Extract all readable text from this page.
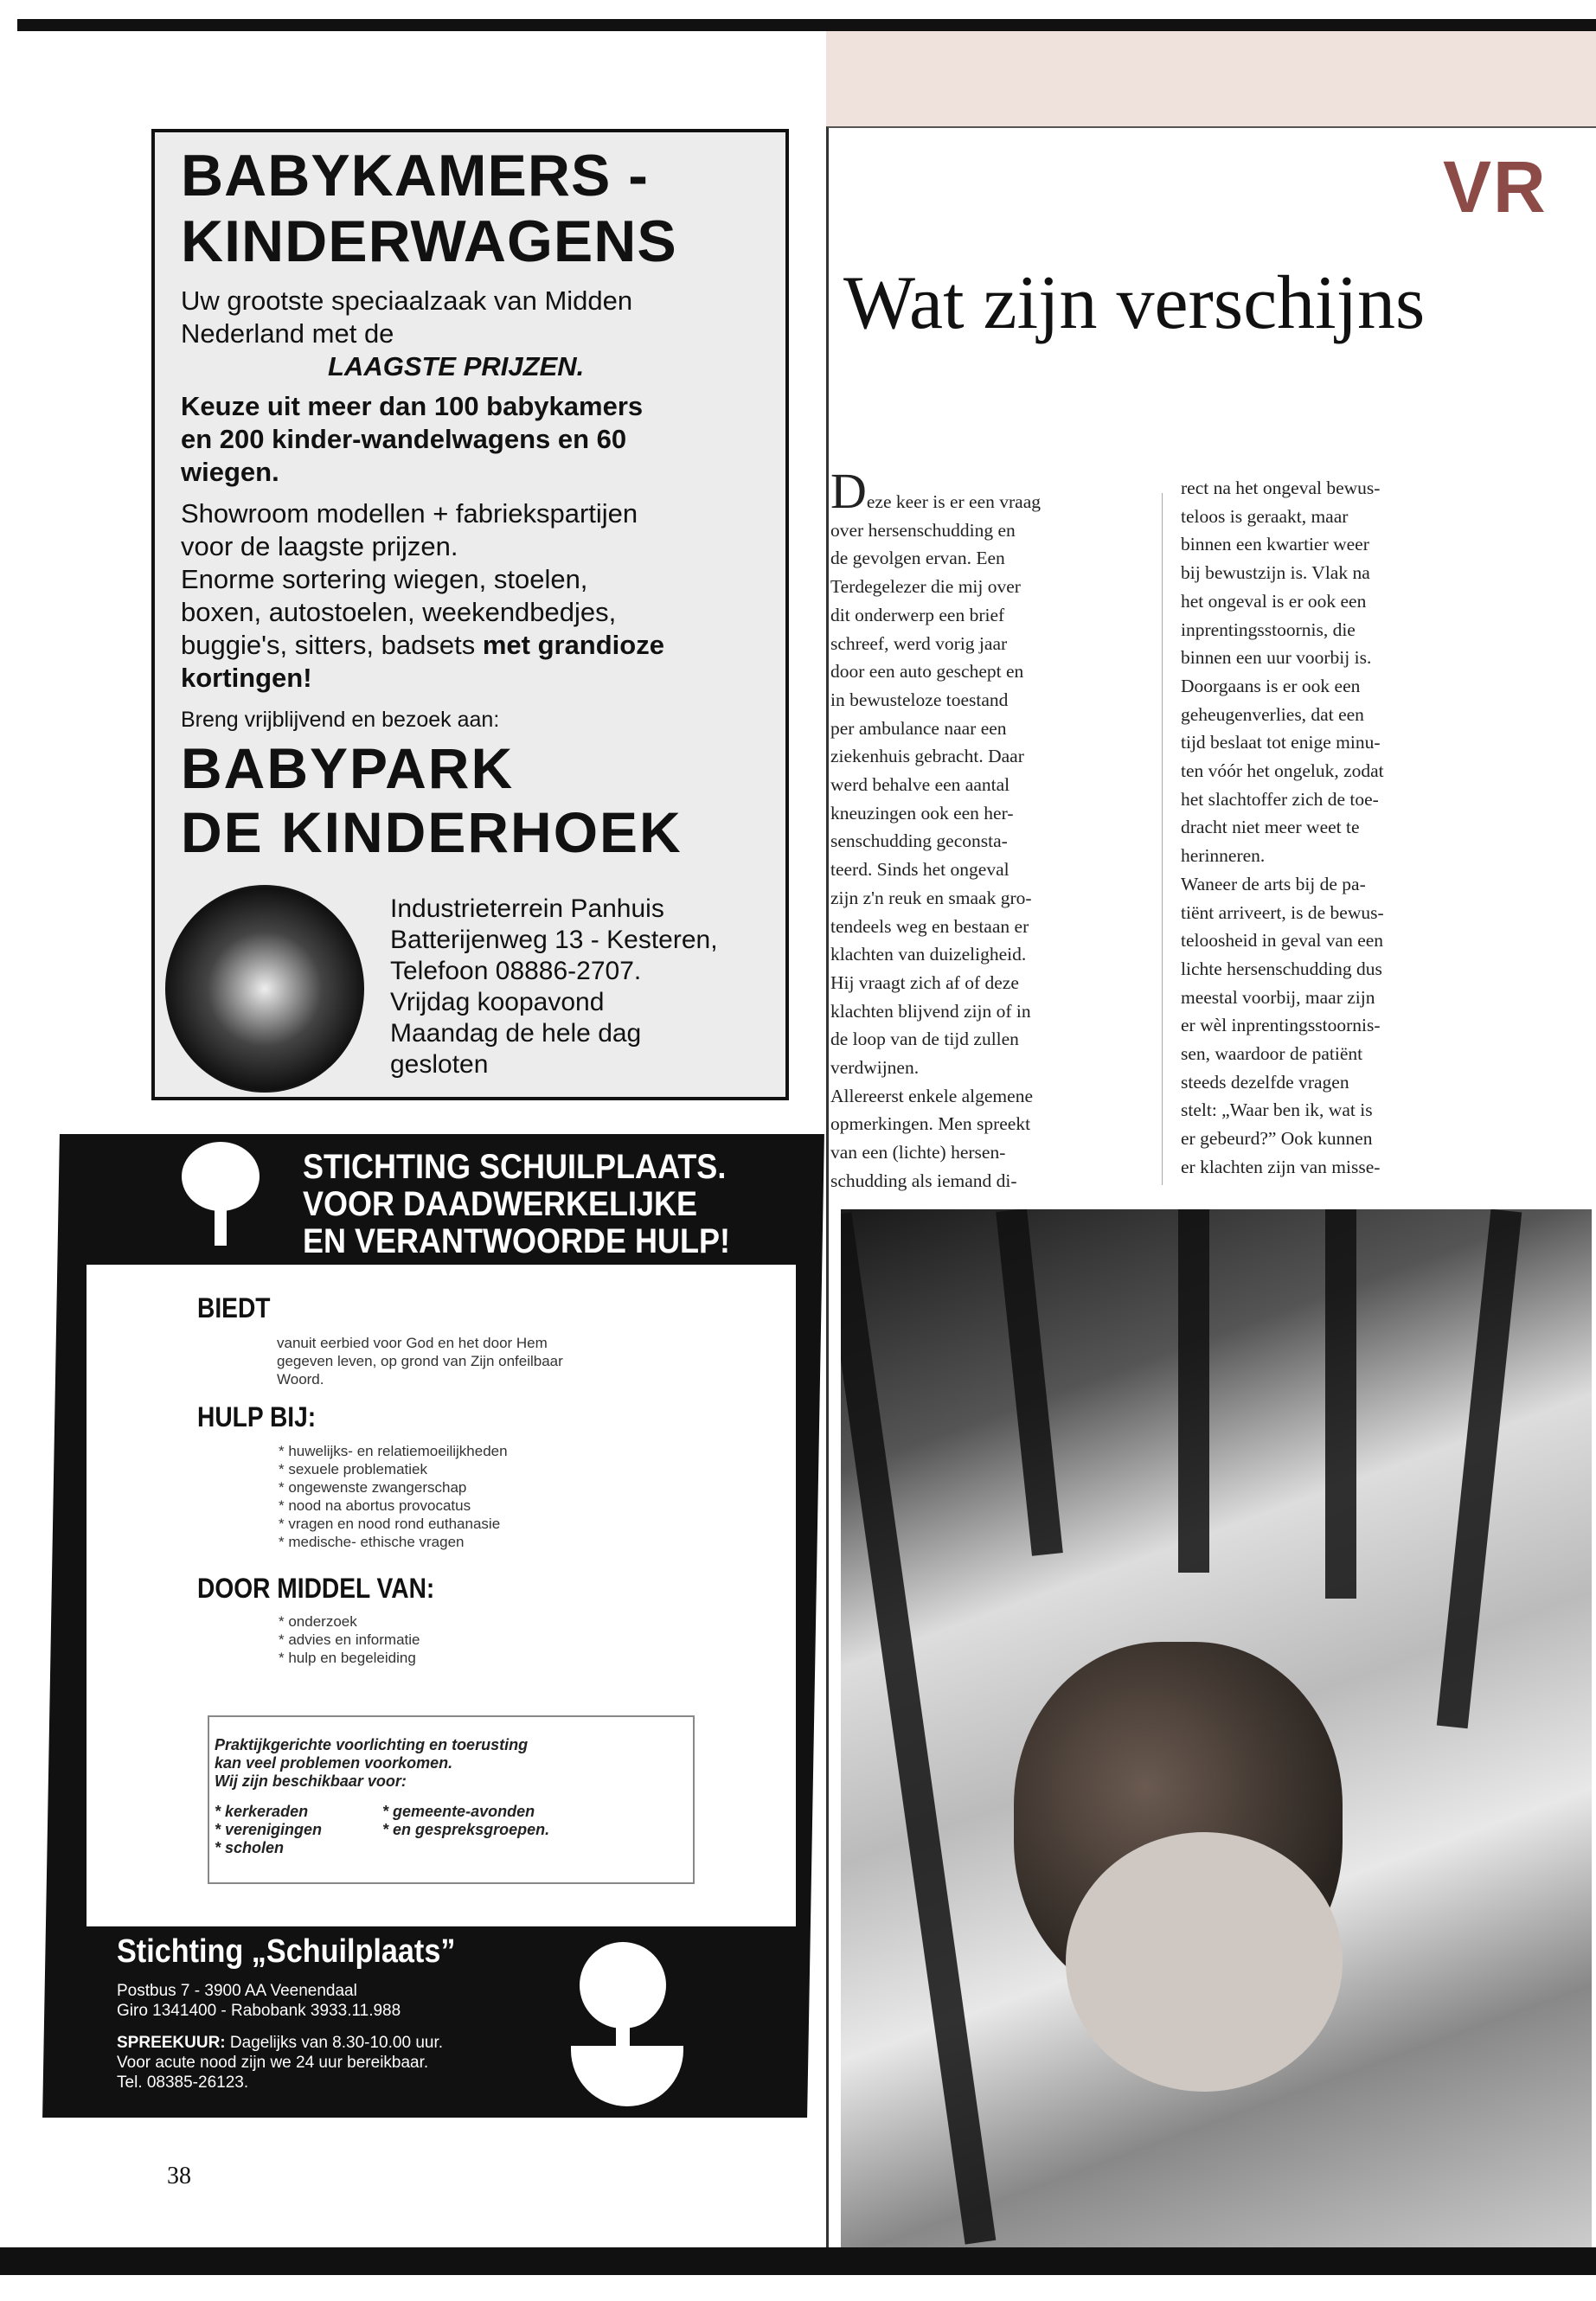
VR
Wat zijn verschijns
Deze keer is er een vraag
over hersenschudding en
de gevolgen ervan. Een
Terdegelezer die mij over
dit onderwerp een brief
schreef, werd vorig jaar
door een auto geschept en
in bewusteloze toestand
per ambulance naar een
ziekenhuis gebracht. Daar
werd behalve een aantal
kneuzingen ook een her-
senschudding geconsta-
teerd. Sinds het ongeval
zijn z'n reuk en smaak gro-
tendeels weg en bestaan er
klachten van duizeligheid.
Hij vraagt zich af of deze
klachten blijvend zijn of in
de loop van de tijd zullen
verdwijnen.
Allereerst enkele algemene
opmerkingen. Men spreekt
van een (lichte) hersen-
schudding als iemand di-
rect na het ongeval bewus-
teloos is geraakt, maar
binnen een kwartier weer
bij bewustzijn is. Vlak na
het ongeval is er ook een
inprentingsstoornis, die
binnen een uur voorbij is.
Doorgaans is er ook een
geheugenverlies, dat een
tijd beslaat tot enige minu-
ten vóór het ongeluk, zodat
het slachtoffer zich de toe-
dracht niet meer weet te
herinneren.
Waneer de arts bij de pa-
tiënt arriveert, is de bewus-
teloosheid in geval van een
lichte hersenschudding dus
meestal voorbij, maar zijn
er wèl inprentingsstoornis-
sen, waardoor de patiënt
steeds dezelfde vragen
stelt: „Waar ben ik, wat is
er gebeurd?” Ook kunnen
er klachten zijn van misse-
BABYKAMERS -
KINDERWAGENS

Uw grootste speciaalzaak van Midden
Nederland met de

LAAGSTE PRIJZEN.

Keuze uit meer dan 100 babykamers
en 200 kinder-wandelwagens en 60
wiegen.

Showroom modellen + fabriekspartijen
voor de laagste prijzen.
Enorme sortering wiegen, stoelen,
boxen, autostoelen, weekendbedjes,
buggie's, sitters, badsets met grandioze
kortingen!

Breng vrijblijvend en bezoek aan:

BABYPARK
DE KINDERHOEK
Industrieterrein Panhuis
Batterijenweg 13 - Kesteren,
Telefoon 08886-2707.
Vrijdag koopavond
Maandag de hele dag
gesloten
STICHTING SCHUILPLAATS.
VOOR DAADWERKELIJKE
EN VERANTWOORDE HULP!
BIEDT
vanuit eerbied voor God en het door Hem
gegeven leven, op grond van Zijn onfeilbaar
Woord.
HULP BIJ:
* huwelijks- en relatiemoeilijkheden
* sexuele problematiek
* ongewenste zwangerschap
* nood na abortus provocatus
* vragen en nood rond euthanasie
* medische- ethische vragen
DOOR MIDDEL VAN:
* onderzoek
* advies en informatie
* hulp en begeleiding
Praktijkgerichte voorlichting en toerusting
kan veel problemen voorkomen.
Wij zijn beschikbaar voor:
* kerkeraden
* verenigingen
* scholen
* gemeente-avonden
* en gespreksgroepen.
Stichting „Schuilplaats”
Postbus 7 - 3900 AA Veenendaal
Giro 1341400 - Rabobank 3933.11.988
SPREEKUUR: Dagelijks van 8.30-10.00 uur.
Voor acute nood zijn we 24 uur bereikbaar.
Tel. 08385-26123.
38
